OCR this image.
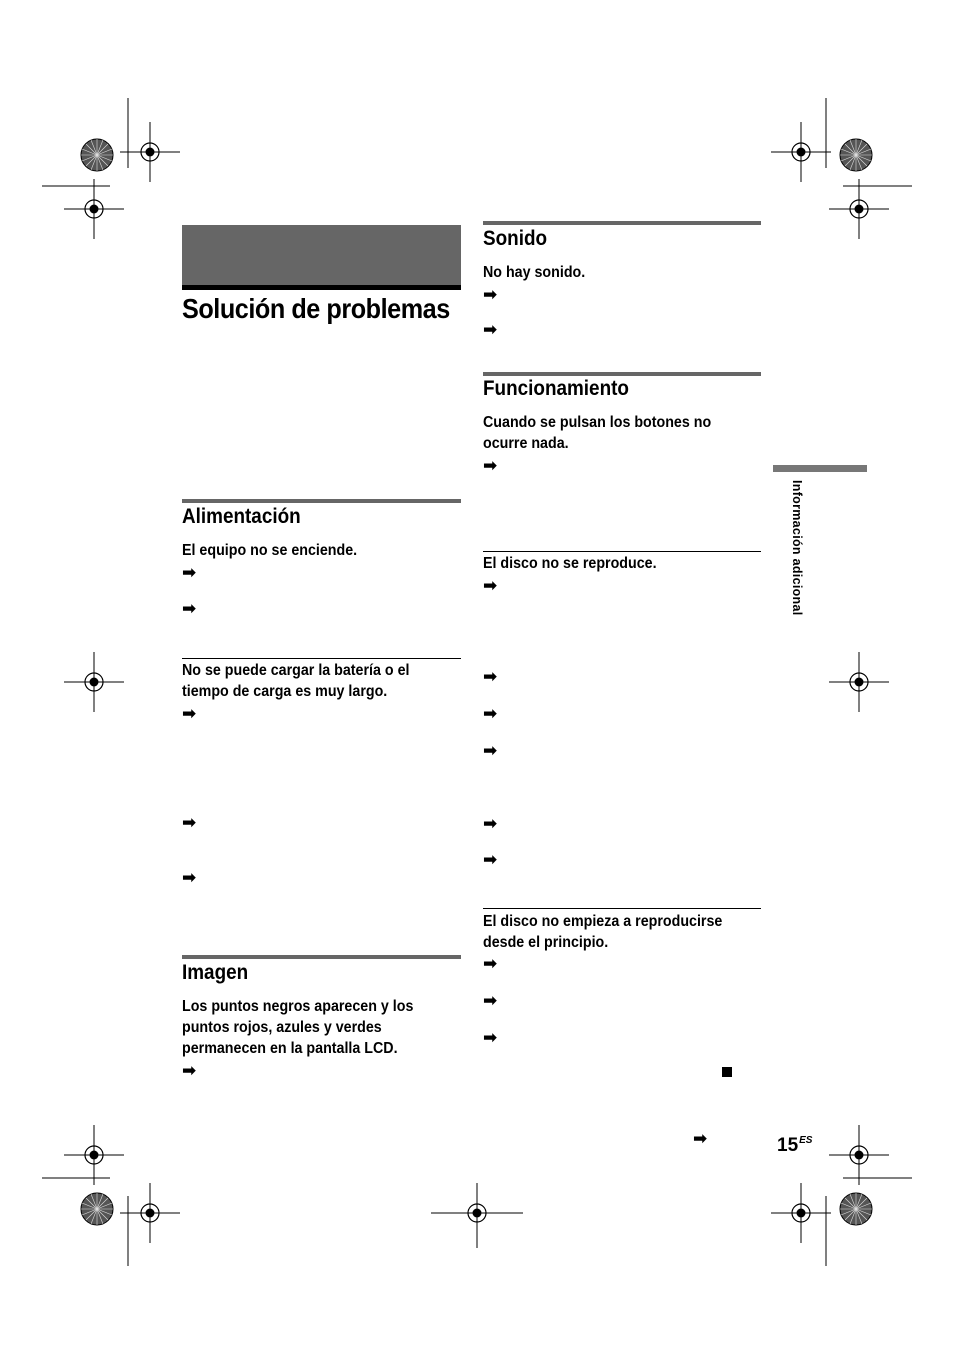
Solución de problemas
Alimentación
El equipo no se enciende.
➡
➡
No se puede cargar la batería o el tiempo de carga es muy largo.
➡
➡
➡
Imagen
Los puntos negros aparecen y los puntos rojos, azules y verdes permanecen en la pantalla LCD.
➡
Sonido
No hay sonido.
➡
➡
Funcionamiento
Cuando se pulsan los botones no ocurre nada.
➡
El disco no se reproduce.
➡
➡
➡
➡
➡
➡
El disco no empieza a reproducirse desde el principio.
➡
➡
➡
Información adicional
➡	$15^{ES}$
